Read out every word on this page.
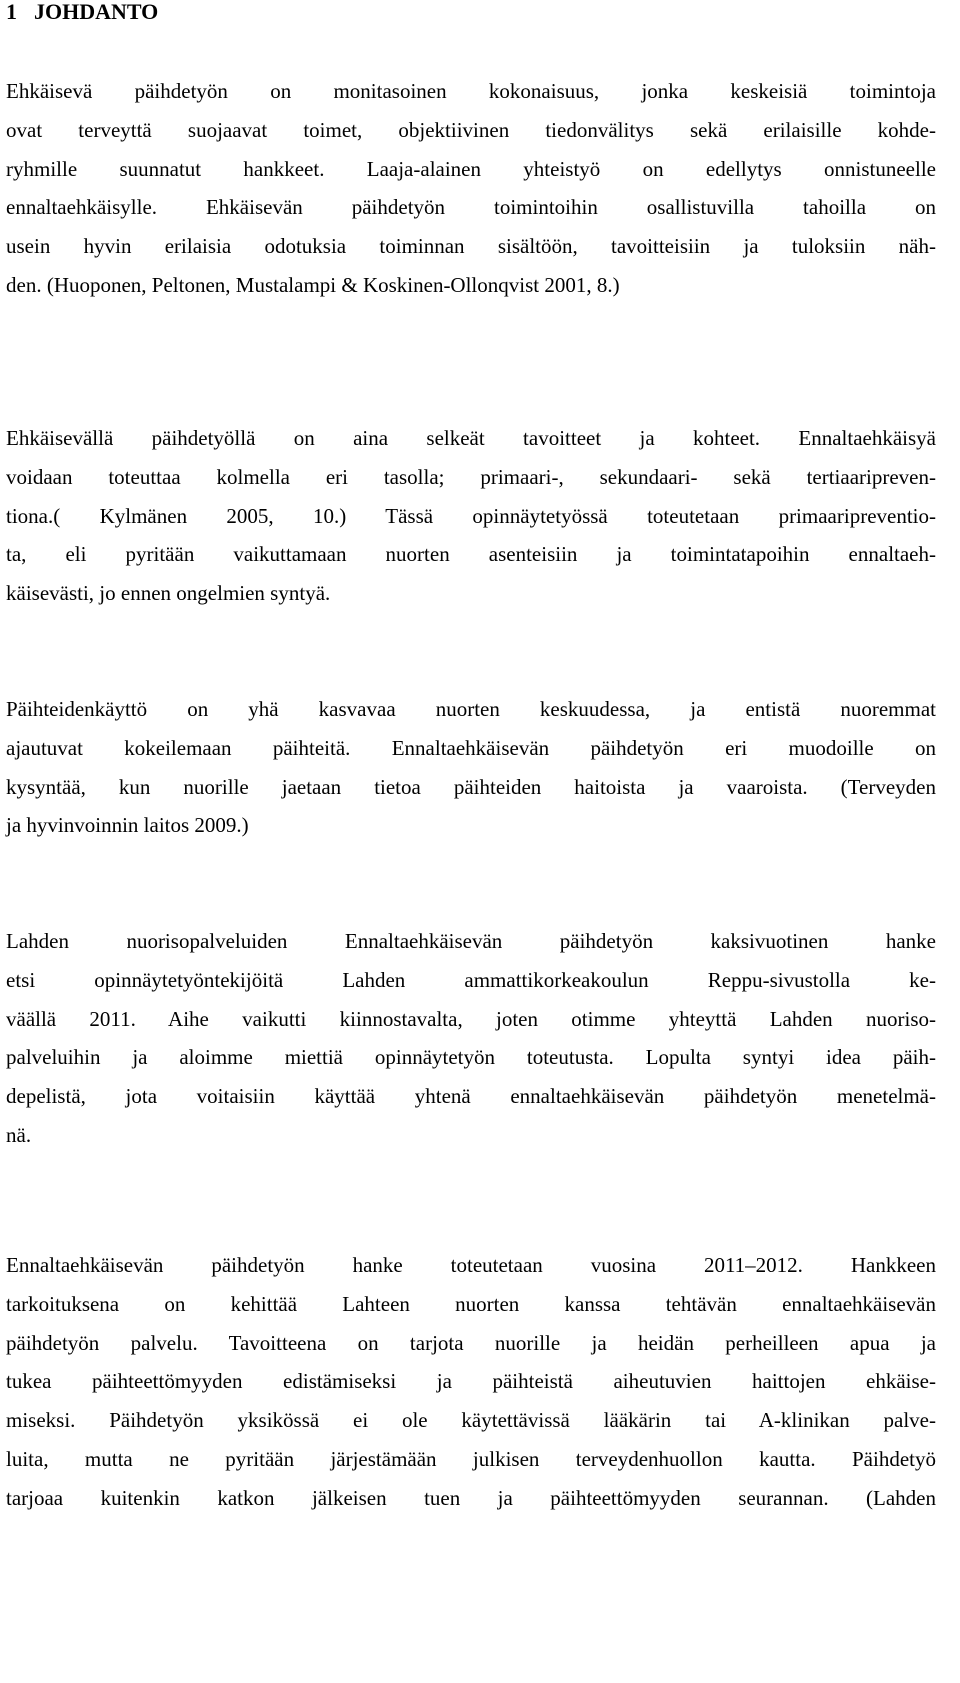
1 JOHDANTO
Ehkäisevä päihdetyön on monitasoinen kokonaisuus, jonka keskeisiä toimintoja
ovat terveyttä suojaavat toimet, objektiivinen tiedonvälitys sekä erilaisille kohde-
ryhmille suunnatut hankkeet. Laaja-alainen yhteistyö on edellytys onnistuneelle
ennaltaehkäisylle. Ehkäisevän päihdetyön toimintoihin osallistuvilla tahoilla on
usein hyvin erilaisia odotuksia toiminnan sisältöön, tavoitteisiin ja tuloksiin näh-
den. (Huoponen, Peltonen, Mustalampi & Koskinen-Ollonqvist 2001, 8.)
Ehkäisevällä päihdetyöllä on aina selkeät tavoitteet ja kohteet. Ennaltaehkäisyä
voidaan toteuttaa kolmella eri tasolla; primaari-, sekundaari- sekä tertiaaripreven-
tiona.( Kylmänen 2005, 10.) Tässä opinnäytetyössä toteutetaan primaaripreventio-
ta, eli pyritään vaikuttamaan nuorten asenteisiin ja toimintatapoihin ennaltaeh-
käisevästi, jo ennen ongelmien syntyä.
Päihteidenkäyttö on yhä kasvavaa nuorten keskuudessa, ja entistä nuoremmat
ajautuvat kokeilemaan päihteitä. Ennaltaehkäisevän päihdetyön eri muodoille on
kysyntää, kun nuorille jaetaan tietoa päihteiden haitoista ja vaaroista. (Terveyden
ja hyvinvoinnin laitos 2009.)
Lahden nuorisopalveluiden Ennaltaehkäisevän päihdetyön kaksivuotinen hanke
etsi opinnäytetyöntekijöitä Lahden ammattikorkeakoulun Reppu-sivustolla ke-
väällä 2011. Aihe vaikutti kiinnostavalta, joten otimme yhteyttä Lahden nuoriso-
palveluihin ja aloimme miettiä opinnäytetyön toteutusta. Lopulta syntyi idea päih-
depelistä, jota voitaisiin käyttää yhtenä ennaltaehkäisevän päihdetyön menetelmä-
nä.
Ennaltaehkäisevän päihdetyön hanke toteutetaan vuosina 2011–2012. Hankkeen
tarkoituksena on kehittää Lahteen nuorten kanssa tehtävän ennaltaehkäisevän
päihdetyön palvelu. Tavoitteena on tarjota nuorille ja heidän perheilleen apua ja
tukea päihteettömyyden edistämiseksi ja päihteistä aiheutuvien haittojen ehkäise-
miseksi. Päihdetyön yksikössä ei ole käytettävissä lääkärin tai A-klinikan palve-
luita, mutta ne pyritään järjestämään julkisen terveydenhuollon kautta. Päihdetyö
tarjoaa kuitenkin katkon jälkeisen tuen ja päihteettömyyden seurannan. (Lahden
